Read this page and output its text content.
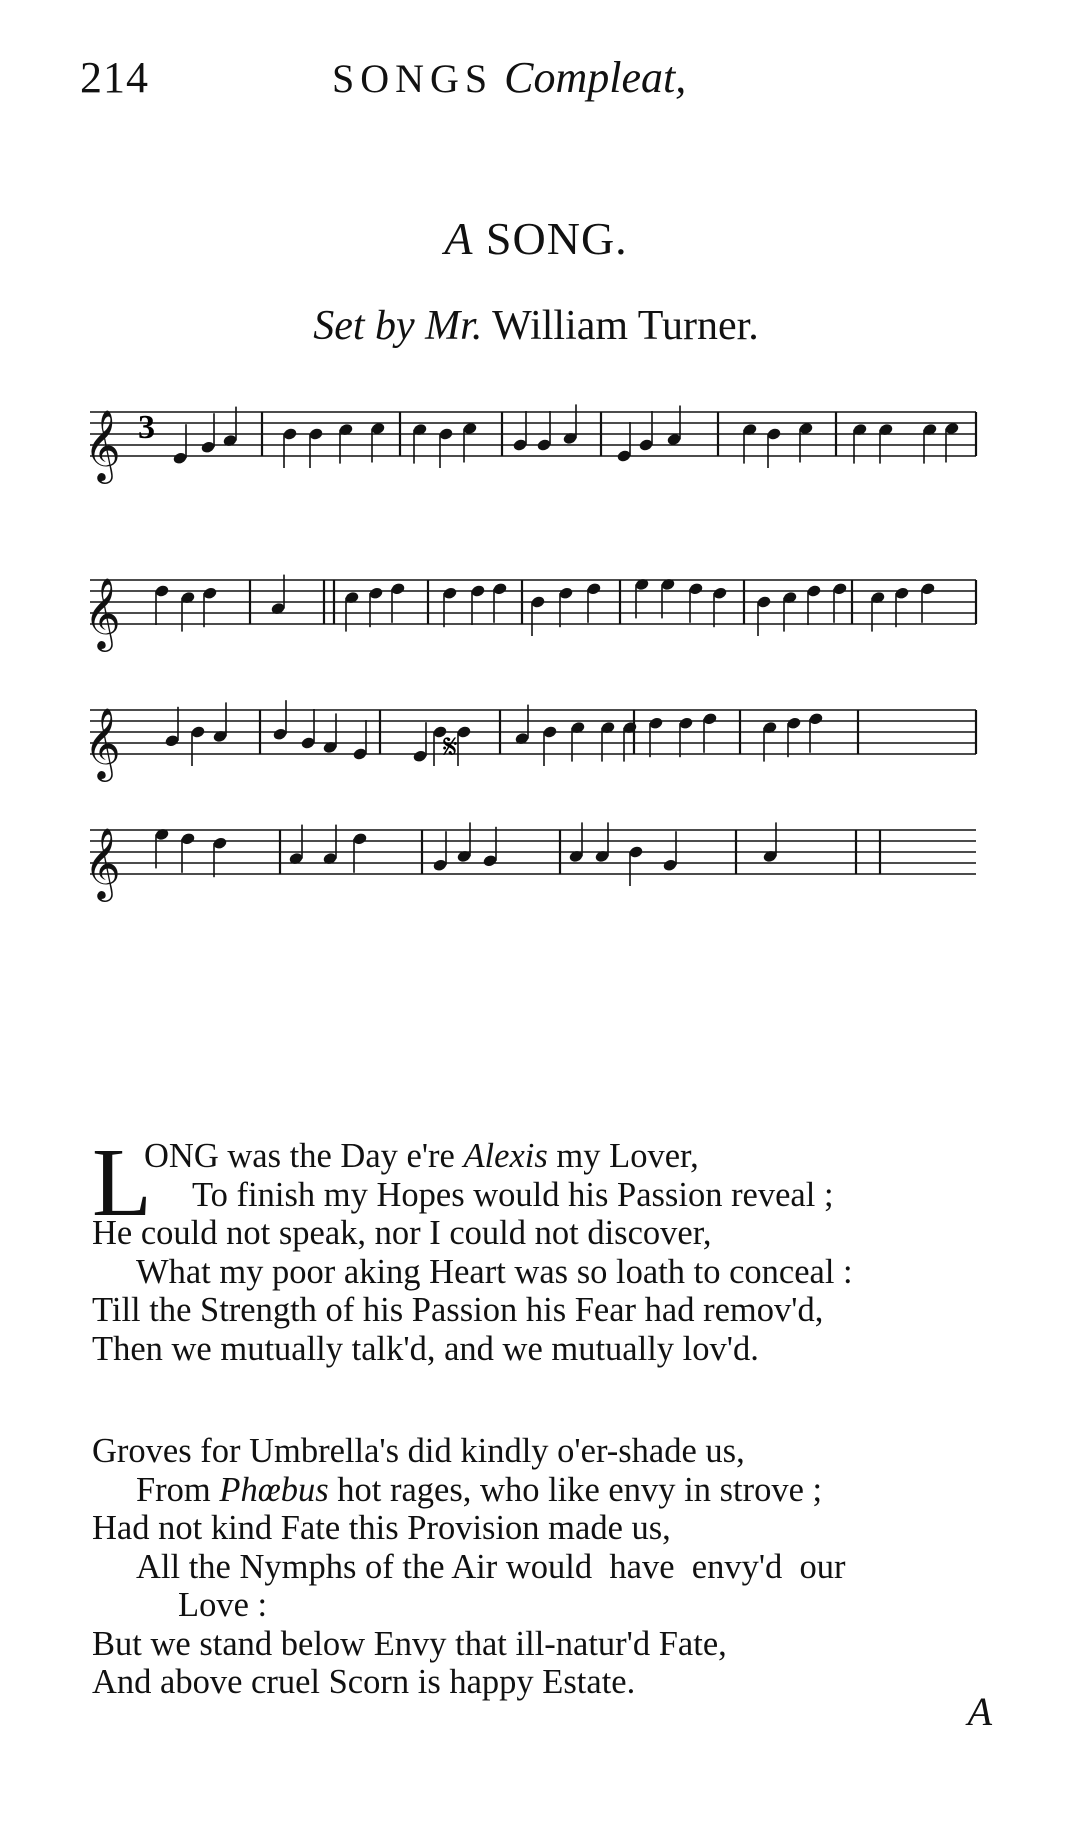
214	SONGS Compleat,
A SONG.
Set by Mr. William Turner.
𝄞
𝄞
𝄞
𝄞
3
𝄋
L
ONG was the Day e're Alexis my Lover,
To finish my Hopes would his Passion reveal ;
He could not speak, nor I could not discover,
What my poor aking Heart was so loath to conceal :
Till the Strength of his Passion his Fear had remov'd,
Then we mutually talk'd, and we mutually lov'd.
Groves for Umbrella's did kindly o'er-shade us,
From Phœbus hot rages, who like envy in strove ;
Had not kind Fate this Provision made us,
All the Nymphs of the Air would  have  envy'd  our
Love :
But we stand below Envy that ill-natur'd Fate,
And above cruel Scorn is happy Estate.
A
